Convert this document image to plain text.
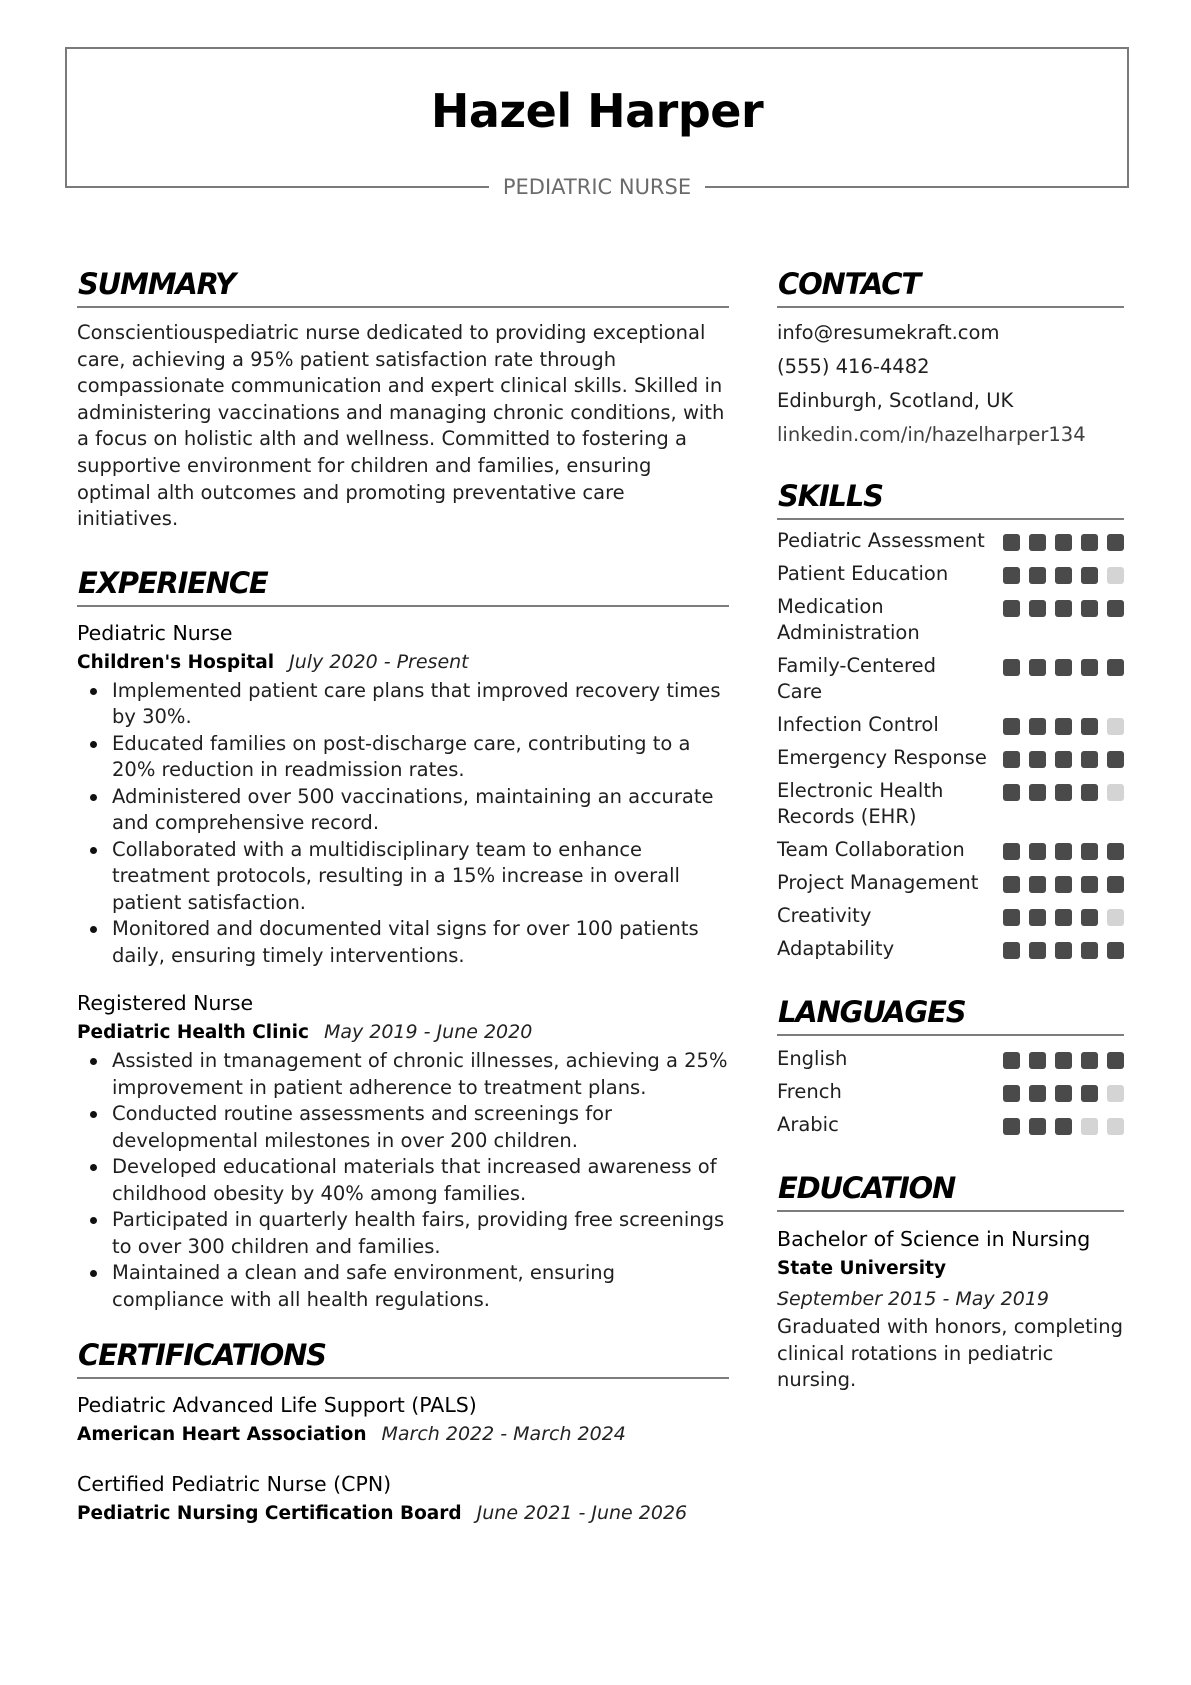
Hazel Harper
PEDIATRIC NURSE
SUMMARY
Conscientiouspediatric nurse dedicated to providing exceptional care, achieving a 95% patient satisfaction rate through compassionate communication and expert clinical skills. Skilled in administering vaccinations and managing chronic conditions, with a focus on holistic alth and wellness. Committed to fostering a supportive environment for children and families, ensuring optimal alth outcomes and promoting preventative care initiatives.
EXPERIENCE
Pediatric Nurse
Children's Hospital July 2020 - Present
Implemented patient care plans that improved recovery times by 30%.
Educated families on post-discharge care, contributing to a 20% reduction in readmission rates.
Administered over 500 vaccinations, maintaining an accurate and comprehensive record.
Collaborated with a multidisciplinary team to enhance treatment protocols, resulting in a 15% increase in overall patient satisfaction.
Monitored and documented vital signs for over 100 patients daily, ensuring timely interventions.
Registered Nurse
Pediatric Health Clinic May 2019 - June 2020
Assisted in tmanagement of chronic illnesses, achieving a 25% improvement in patient adherence to treatment plans.
Conducted routine assessments and screenings for developmental milestones in over 200 children.
Developed educational materials that increased awareness of childhood obesity by 40% among families.
Participated in quarterly health fairs, providing free screenings to over 300 children and families.
Maintained a clean and safe environment, ensuring compliance with all health regulations.
CERTIFICATIONS
Pediatric Advanced Life Support (PALS)
American Heart Association March 2022 - March 2024
Certified Pediatric Nurse (CPN)
Pediatric Nursing Certification Board June 2021 - June 2026
CONTACT
info@resumekraft.com
(555) 416-4482
Edinburgh, Scotland, UK
linkedin.com/in/hazelharper134
SKILLS
Pediatric Assessment
Patient Education
Medication Administration
Family-Centered Care
Infection Control
Emergency Response
Electronic Health Records (EHR)
Team Collaboration
Project Management
Creativity
Adaptability
LANGUAGES
English
French
Arabic
EDUCATION
Bachelor of Science in Nursing
State University
September 2015 - May 2019
Graduated with honors, completing clinical rotations in pediatric nursing.
